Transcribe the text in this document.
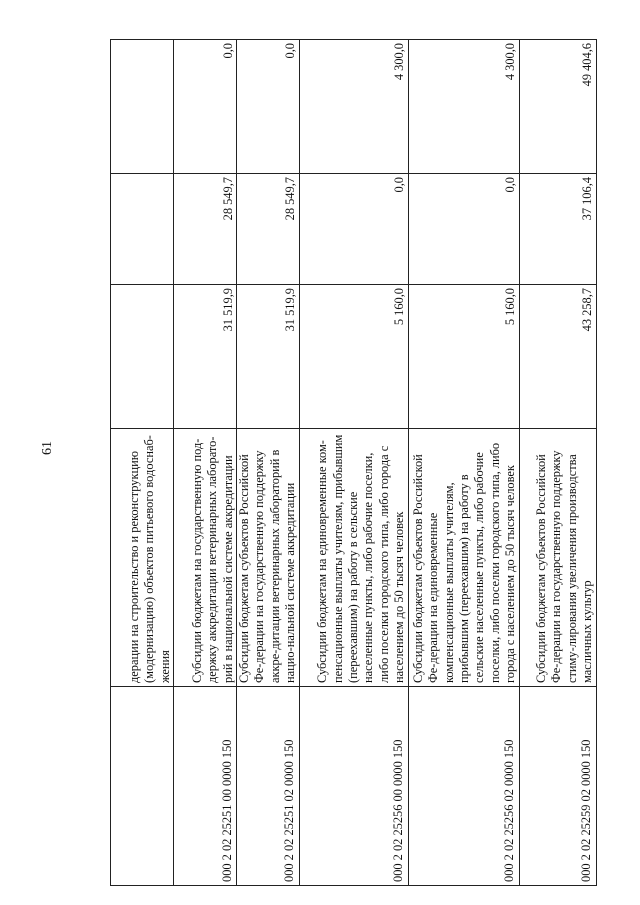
61
	дерации на строительство и реконструкцию (модернизацию) объектов питьевого водоснаб-жения			
000 2 02 25251 00 0000 150	Субсидии бюджетам на государственную под-держку аккредитации ветеринарных лаборато-рий в национальной системе аккредитации	31 519,9	28 549,7	0,0
000 2 02 25251 02 0000 150	Субсидии бюджетам субъектов Российской Фе-дерации на государственную поддержку аккре-дитации ветеринарных лабораторий в нацио-нальной системе аккредитации	31 519,9	28 549,7	0,0
000 2 02 25256 00 0000 150	Субсидии бюджетам на единовременные ком-пенсационные выплаты учителям, прибывшим (переехавшим) на работу в сельские населенные пункты, либо рабочие поселки, либо поселки городского типа, либо города с населением до 50 тысяч человек	5 160,0	0,0	4 300,0
000 2 02 25256 02 0000 150	Субсидии бюджетам субъектов Российской Фе-дерации на единовременные компенсационные выплаты учителям, прибывшим (переехавшим) на работу в сельские населенные пункты, либо рабочие поселки, либо поселки городского типа, либо города с населением до 50 тысяч человек	5 160,0	0,0	4 300,0
000 2 02 25259 02 0000 150	Субсидии бюджетам субъектов Российской Фе-дерации на государственную поддержку стиму-лирования увеличения производства масличных культур	43 258,7	37 106,4	49 404,6
